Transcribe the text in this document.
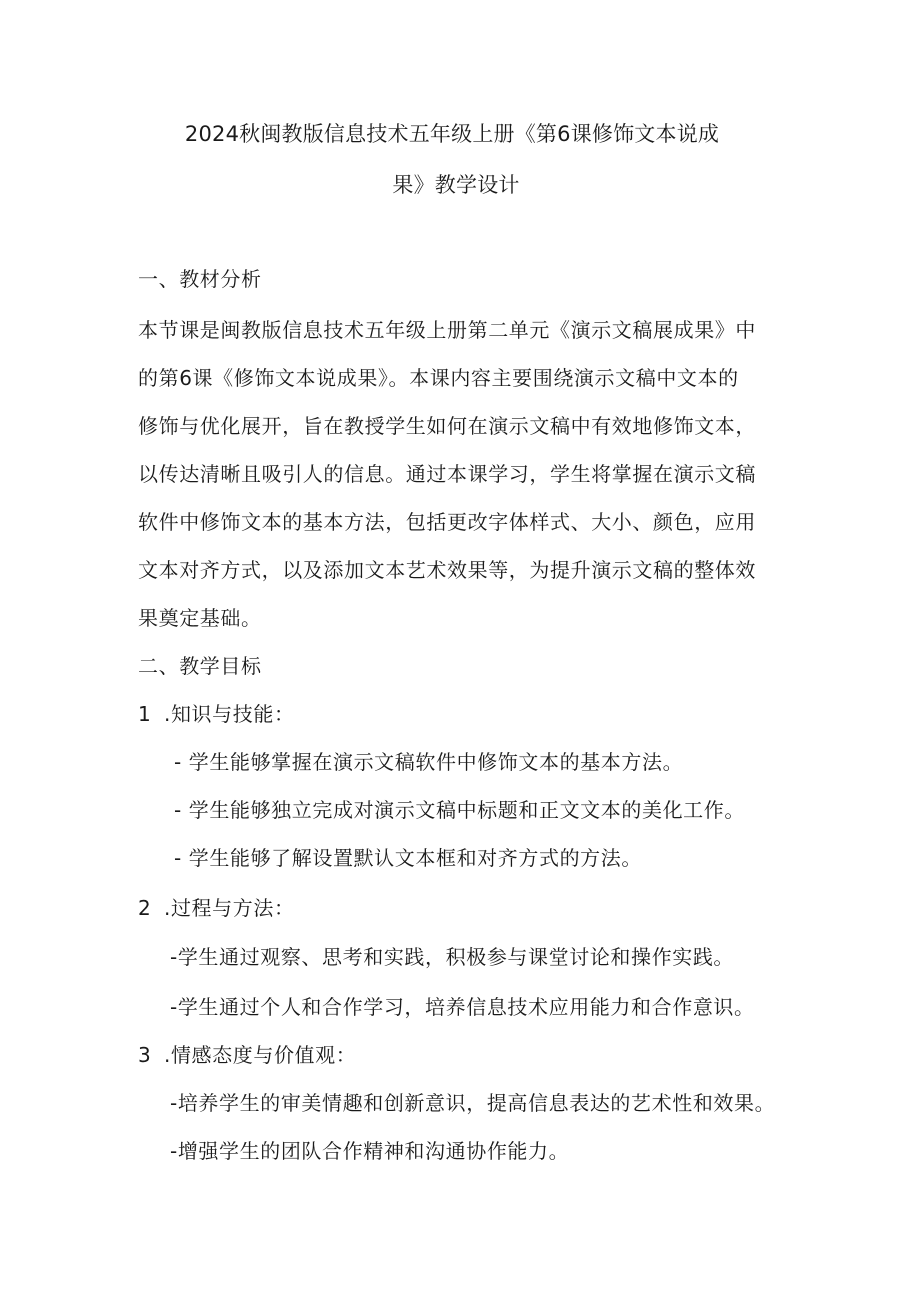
2024秋闽教版信息技术五年级上册《第6课修饰文本说成
果》教学设计
一、教材分析
本节课是闽教版信息技术五年级上册第二单元《演示文稿展成果》中
的第6课《修饰文本说成果》。本课内容主要围绕演示文稿中文本的
修饰与优化展开，旨在教授学生如何在演示文稿中有效地修饰文本，
以传达清晰且吸引人的信息。通过本课学习，学生将掌握在演示文稿
软件中修饰文本的基本方法，包括更改字体样式、大小、颜色，应用
文本对齐方式，以及添加文本艺术效果等，为提升演示文稿的整体效
果奠定基础。
二、教学目标
1 .知识与技能：
- 学生能够掌握在演示文稿软件中修饰文本的基本方法。
- 学生能够独立完成对演示文稿中标题和正文文本的美化工作。
- 学生能够了解设置默认文本框和对齐方式的方法。
2 .过程与方法：
-学生通过观察、思考和实践，积极参与课堂讨论和操作实践。
-学生通过个人和合作学习，培养信息技术应用能力和合作意识。
3 .情感态度与价值观：
-培养学生的审美情趣和创新意识，提高信息表达的艺术性和效果。
-增强学生的团队合作精神和沟通协作能力。
